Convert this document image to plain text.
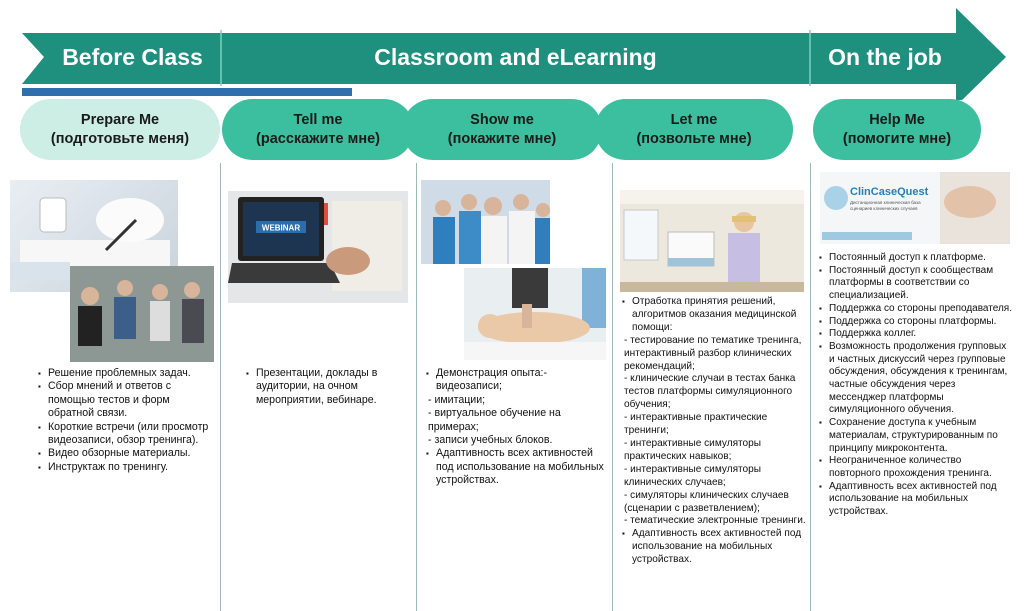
Before Class	Classroom and eLearning	On the job
Prepare Me
(подготовьте меня)
Tell me
(расскажите мне)
Show me
(покажите мне)
Let me
(позвольте мне)
Help Me
(помогите мне)
WEBINAR
ClinCaseQuest
Дистанционная клиническая база сценариев клинических случаев
▪ Решение проблемных задач.
▪ Сбор мнений и ответов с помощью тестов и форм обратной связи.
▪ Короткие встречи (или просмотр видеозаписи, обзор тренинга).
▪ Видео обзорные материалы.
▪ Инструктаж по тренингу.
▪ Презентации, доклады в аудитории, на очном мероприятии, вебинаре.
▪ Демонстрация опыта:- видеозаписи;
- имитации;
- виртуальное обучение на примерах;
- записи учебных блоков.
▪ Адаптивность всех активностей под использование на мобильных устройствах.
▪ Отработка принятия решений, алгоритмов оказания медицинской помощи:
- тестирование по тематике тренинга, интерактивный разбор клинических рекомендаций;
- клинические случаи в тестах банка тестов платформы симуляционного обучения;
- интерактивные практические тренинги;
- интерактивные симуляторы практических навыков;
- интерактивные симуляторы клинических случаев;
- симуляторы клинических случаев (сценарии с разветвлением);
- тематические электронные тренинги.
▪ Адаптивность всех активностей под использование на мобильных устройствах.
▪ Постоянный доступ к платформе.
▪ Постоянный доступ к сообществам платформы в соответствии со специализацией.
▪ Поддержка со стороны преподавателя.
▪ Поддержка со стороны платформы.
▪ Поддержка коллег.
▪ Возможность продолжения групповых и частных дискуссий через групповые обсуждения, обсуждения к тренингам, частные обсуждения через мессенджер платформы симуляционного обучения.
▪ Сохранение доступа к учебным материалам, структурированным по принципу микроконтента.
▪ Неограниченное количество повторного прохождения тренинга.
▪ Адаптивность всех активностей под использование на мобильных устройствах.
